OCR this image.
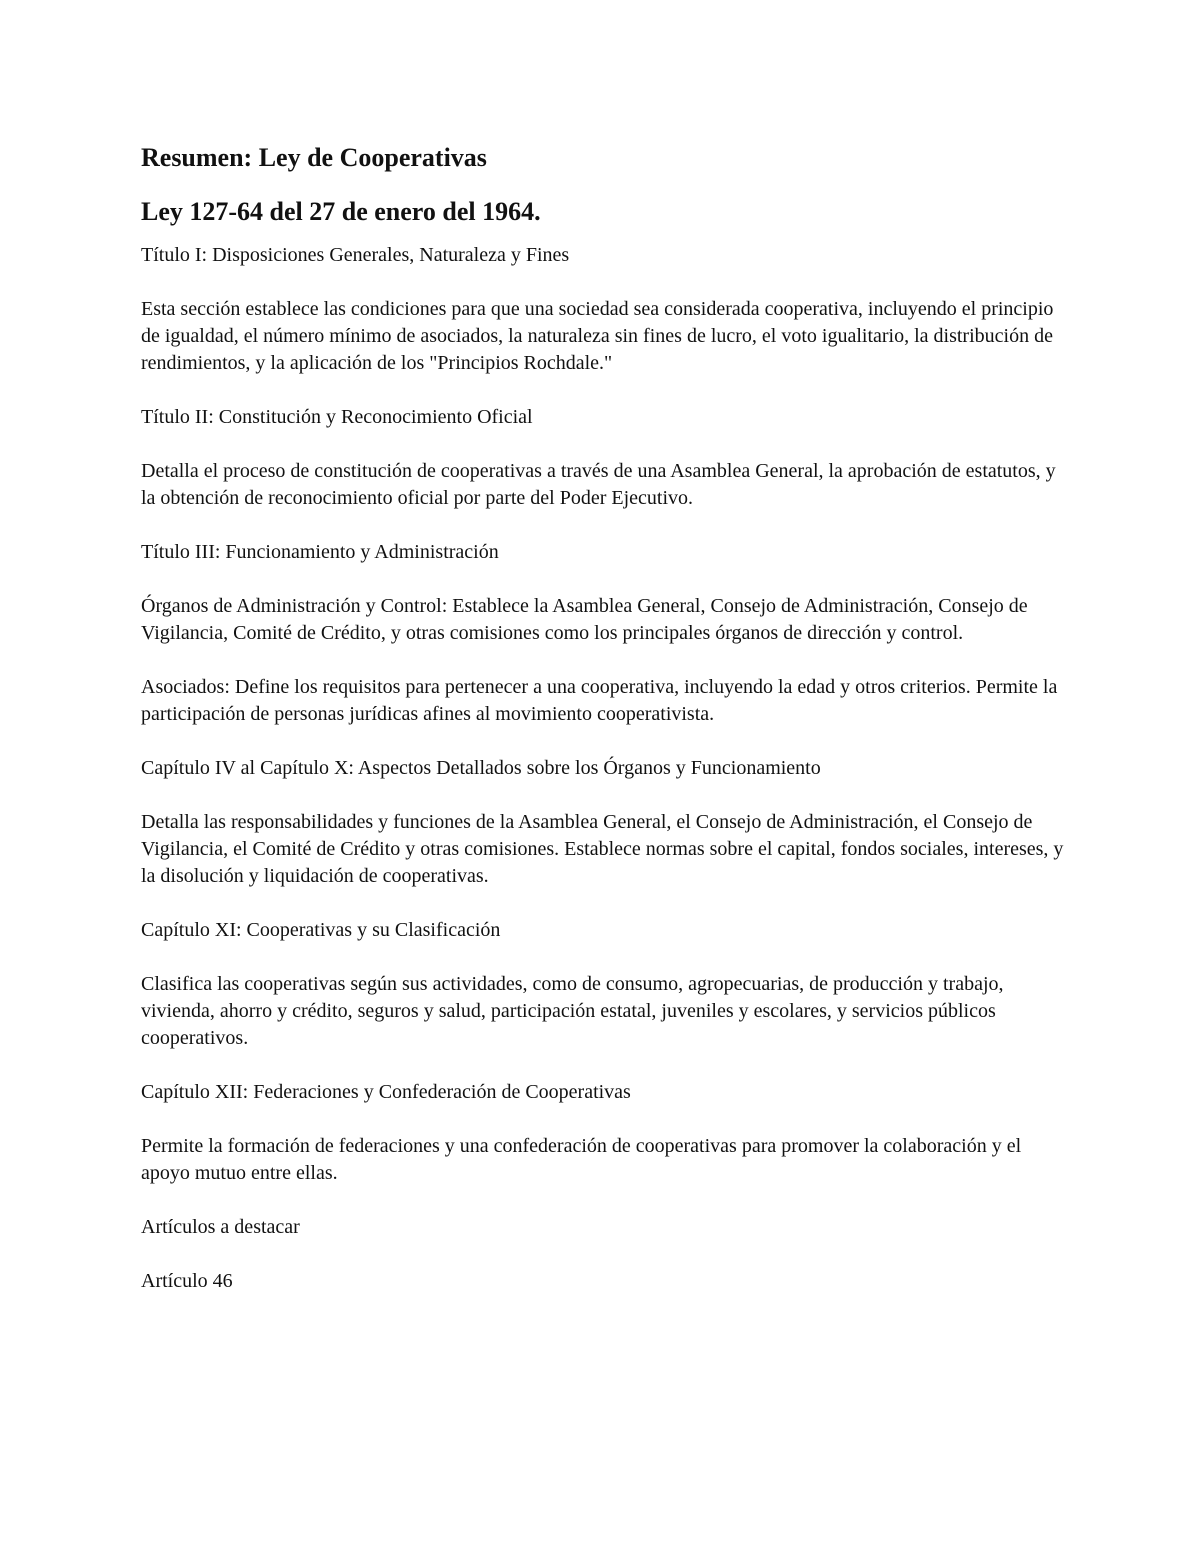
Resumen: Ley de Cooperativas
Ley 127-64 del 27 de enero del 1964.

Título I: Disposiciones Generales, Naturaleza y Fines

Esta sección establece las condiciones para que una sociedad sea considerada cooperativa, incluyendo el principio de igualdad, el número mínimo de asociados, la naturaleza sin fines de lucro, el voto igualitario, la distribución de rendimientos, y la aplicación de los "Principios Rochdale."

Título II: Constitución y Reconocimiento Oficial

Detalla el proceso de constitución de cooperativas a través de una Asamblea General, la aprobación de estatutos, y la obtención de reconocimiento oficial por parte del Poder Ejecutivo.

Título III: Funcionamiento y Administración

Órganos de Administración y Control: Establece la Asamblea General, Consejo de Administración, Consejo de Vigilancia, Comité de Crédito, y otras comisiones como los principales órganos de dirección y control.

Asociados: Define los requisitos para pertenecer a una cooperativa, incluyendo la edad y otros criterios. Permite la participación de personas jurídicas afines al movimiento cooperativista.

Capítulo IV al Capítulo X: Aspectos Detallados sobre los Órganos y Funcionamiento

Detalla las responsabilidades y funciones de la Asamblea General, el Consejo de Administración, el Consejo de Vigilancia, el Comité de Crédito y otras comisiones. Establece normas sobre el capital, fondos sociales, intereses, y la disolución y liquidación de cooperativas.

Capítulo XI: Cooperativas y su Clasificación

Clasifica las cooperativas según sus actividades, como de consumo, agropecuarias, de producción y trabajo, vivienda, ahorro y crédito, seguros y salud, participación estatal, juveniles y escolares, y servicios públicos cooperativos.

Capítulo XII: Federaciones y Confederación de Cooperativas

Permite la formación de federaciones y una confederación de cooperativas para promover la colaboración y el apoyo mutuo entre ellas.

Artículos a destacar

Artículo 46
